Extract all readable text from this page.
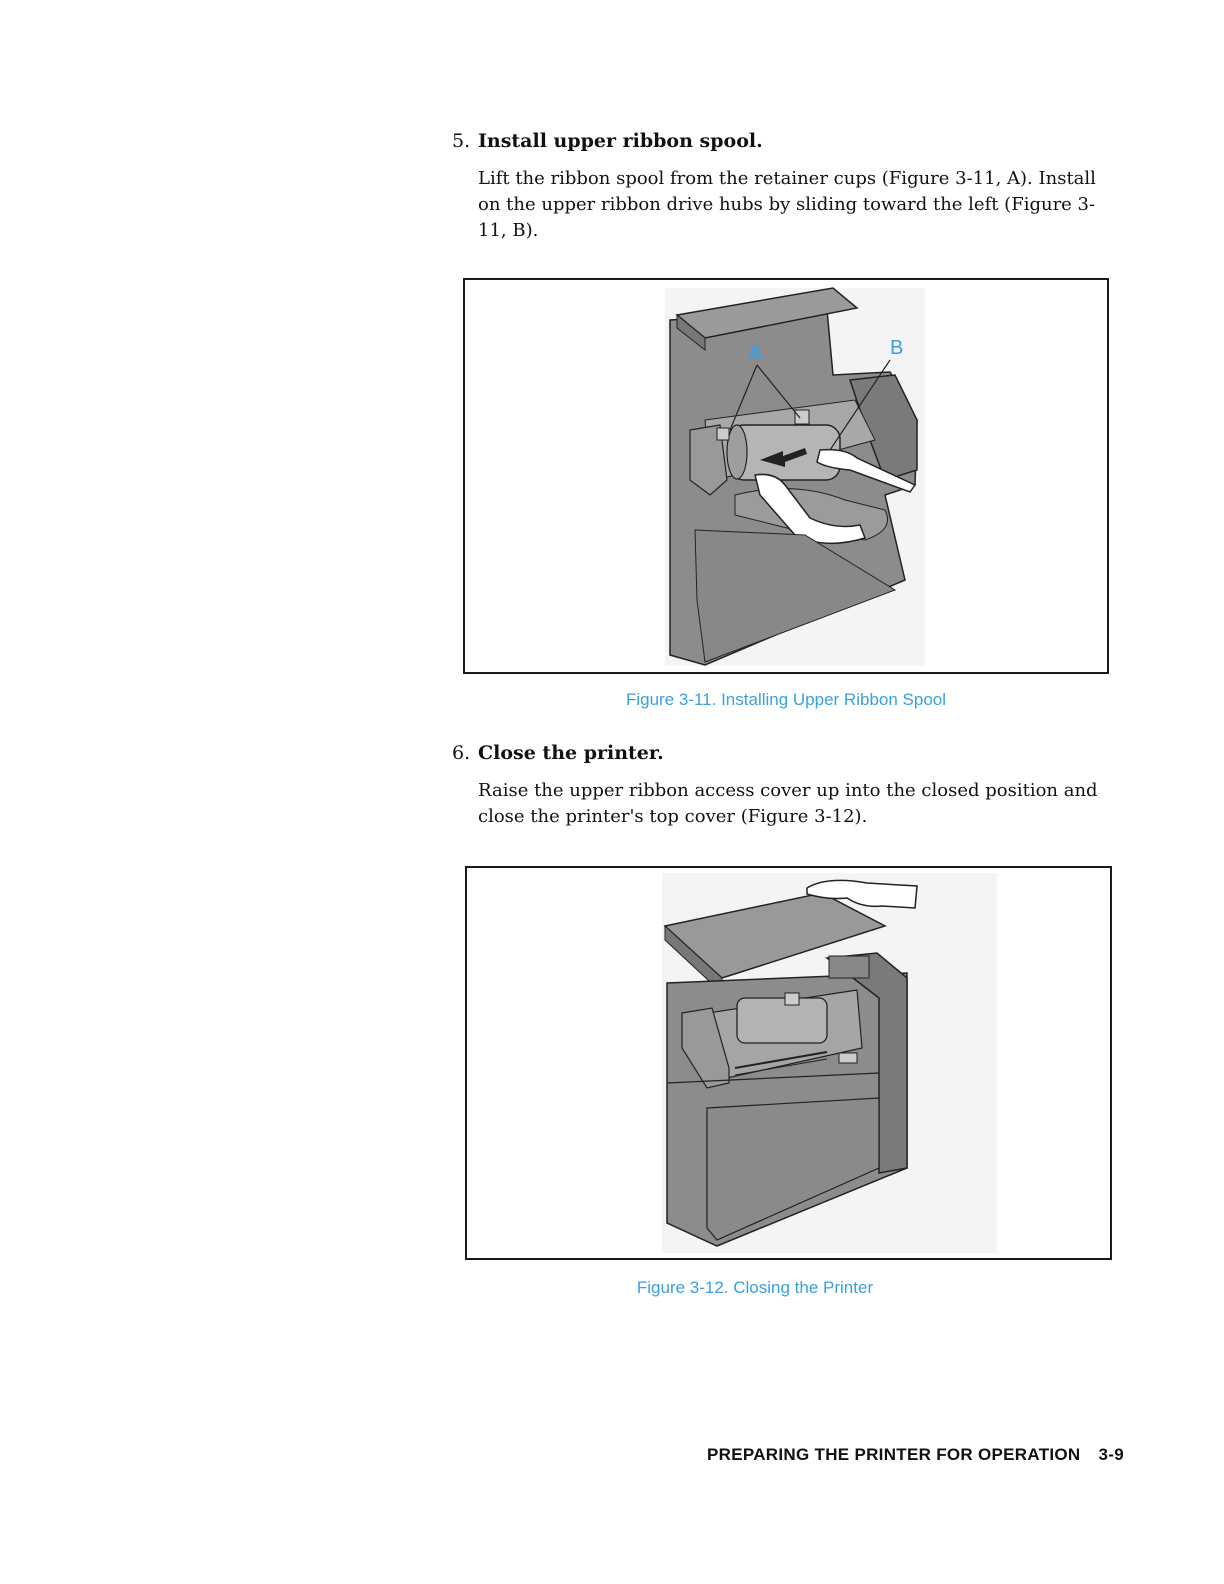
5. Install upper ribbon spool.
Lift the ribbon spool from the retainer cups (Figure 3-11, A). Install on the upper ribbon drive hubs by sliding toward the left (Figure 3-11, B).
A	B
Figure 3-11. Installing Upper Ribbon Spool
6. Close the printer.
Raise the upper ribbon access cover up into the closed position and close the printer's top cover (Figure 3-12).
Figure 3-12. Closing the Printer
PREPARING THE PRINTER FOR OPERATION 3-9
